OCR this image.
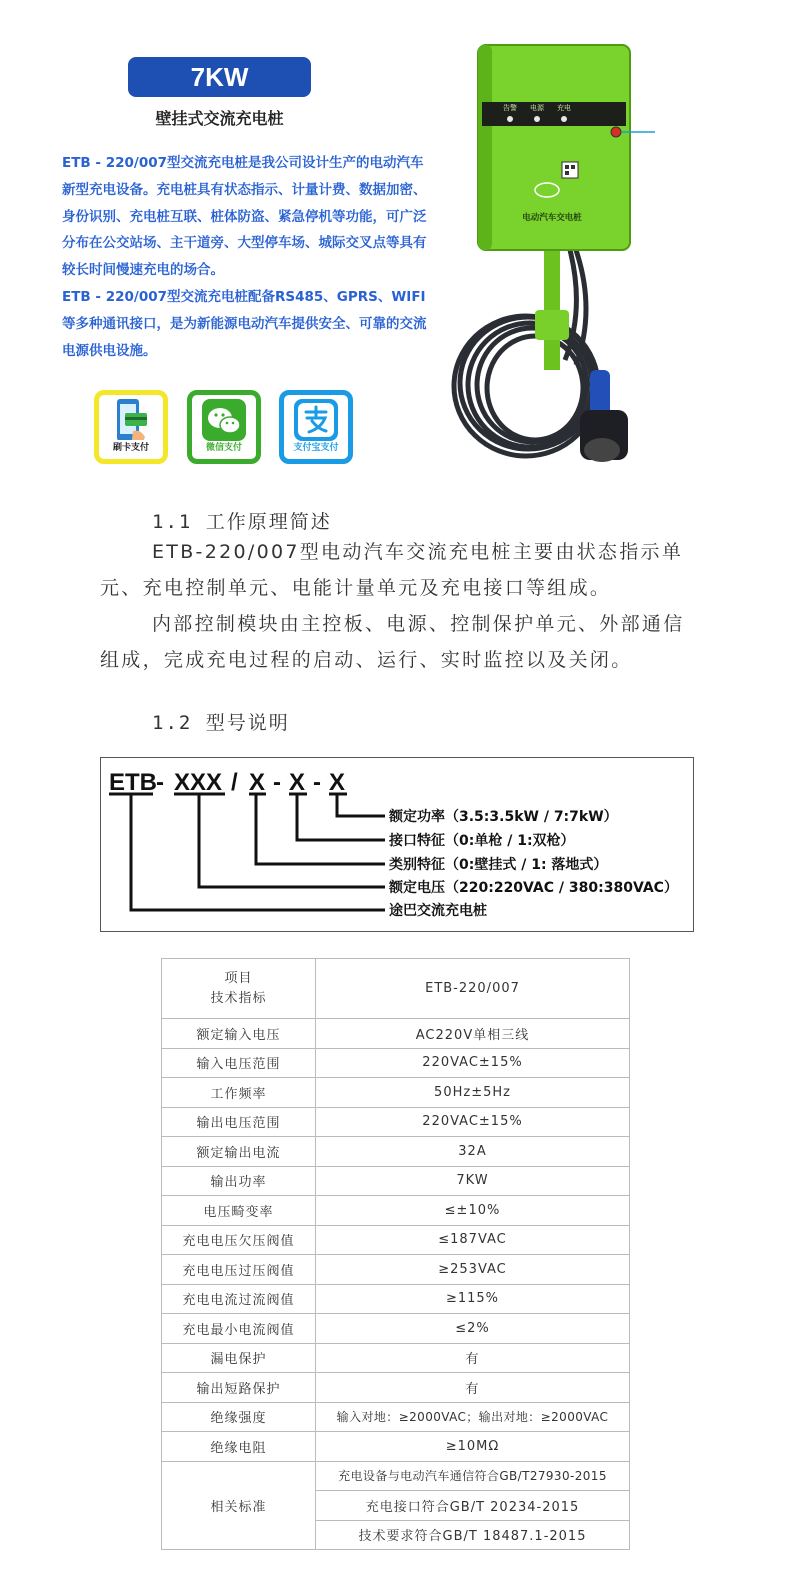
7KW
壁挂式交流充电桩

ETB - 220/007型交流充电桩是我公司设计生产的电动汽车新型充电设备。充电桩具有状态指示、计量计费、数据加密、身份识别、充电桩互联、桩体防盗、紧急停机等功能，可广泛分布在公交站场、主干道旁、大型停车场、城际交叉点等具有较长时间慢速充电的场合。

ETB - 220/007型交流充电桩配备RS485、GPRS、WIFI等多种通讯接口，是为新能源电动汽车提供安全、可靠的交流电源供电设施。

刷卡支付	微信支付	支付宝支付
告警 电源 充电
电动汽车交电桩
1.1 工作原理简述

ETB-220/007型电动汽车交流充电桩主要由状态指示单元、充电控制单元、电能计量单元及充电接口等组成。

内部控制模块由主控板、电源、控制保护单元、外部通信组成，完成充电过程的启动、运行、实时监控以及关闭。

1.2 型号说明
ETB - XXX / X - X - X
额定功率（3.5:3.5kW / 7:7kW）
接口特征（0:单枪 / 1:双枪）
类别特征（0:壁挂式 / 1: 落地式）
额定电压（220:220VAC / 380:380VAC）
途巴交流充电桩
项目
技术指标	ETB-220/007
额定输入电压	AC220V单相三线
输入电压范围	220VAC±15%
工作频率	50Hz±5Hz
输出电压范围	220VAC±15%
额定输出电流	32A
输出功率	7KW
电压畸变率	≤±10%
充电电压欠压阀值	≤187VAC
充电电压过压阀值	≥253VAC
充电电流过流阀值	≥115%
充电最小电流阀值	≤2%
漏电保护	有
输出短路保护	有
绝缘强度	输入对地：≥2000VAC；输出对地：≥2000VAC
绝缘电阻	≥10MΩ
相关标准	充电设备与电动汽车通信符合GB/T27930-2015
	充电接口符合GB/T 20234-2015
	技术要求符合GB/T 18487.1-2015
